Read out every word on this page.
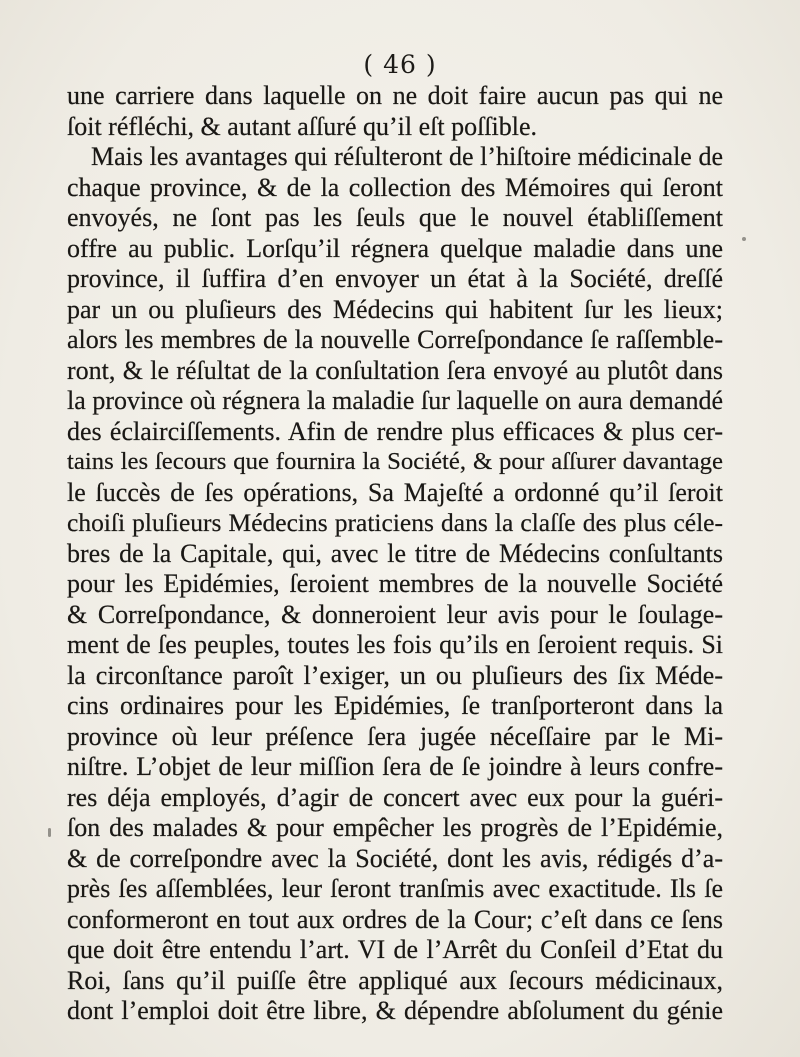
( 46 )
une carriere dans laquelle on ne doit faire aucun pas qui ne
ſoit réfléchi, & autant aſſuré qu’il eſt poſſible.
Mais les avantages qui réſulteront de l’hiſtoire médicinale de
chaque province, & de la collection des Mémoires qui ſeront
envoyés, ne ſont pas les ſeuls que le nouvel établiſſement
offre au public. Lorſqu’il régnera quelque maladie dans une
province, il ſuffira d’en envoyer un état à la Société, dreſſé
par un ou pluſieurs des Médecins qui habitent ſur les lieux;
alors les membres de la nouvelle Correſpondance ſe raſſemble-
ront, & le réſultat de la conſultation ſera envoyé au plutôt dans
la province où régnera la maladie ſur laquelle on aura demandé
des éclairciſſements. Afin de rendre plus efficaces & plus cer-
tains les ſecours que fournira la Société, & pour aſſurer davantage
le ſuccès de ſes opérations, Sa Majeſté a ordonné qu’il ſeroit
choiſi pluſieurs Médecins praticiens dans la claſſe des plus céle-
bres de la Capitale, qui, avec le titre de Médecins conſultants
pour les Epidémies, ſeroient membres de la nouvelle Société
& Correſpondance, & donneroient leur avis pour le ſoulage-
ment de ſes peuples, toutes les fois qu’ils en ſeroient requis. Si
la circonſtance paroît l’exiger, un ou pluſieurs des ſix Méde-
cins ordinaires pour les Epidémies, ſe tranſporteront dans la
province où leur préſence ſera jugée néceſſaire par le Mi-
niſtre. L’objet de leur miſſion ſera de ſe joindre à leurs confre-
res déja employés, d’agir de concert avec eux pour la guéri-
ſon des malades & pour empêcher les progrès de l’Epidémie,
& de correſpondre avec la Société, dont les avis, rédigés d’a-
près ſes aſſemblées, leur ſeront tranſmis avec exactitude. Ils ſe
conformeront en tout aux ordres de la Cour; c’eſt dans ce ſens
que doit être entendu l’art. VI de l’Arrêt du Conſeil d’Etat du
Roi, ſans qu’il puiſſe être appliqué aux ſecours médicinaux,
dont l’emploi doit être libre, & dépendre abſolument du génie
